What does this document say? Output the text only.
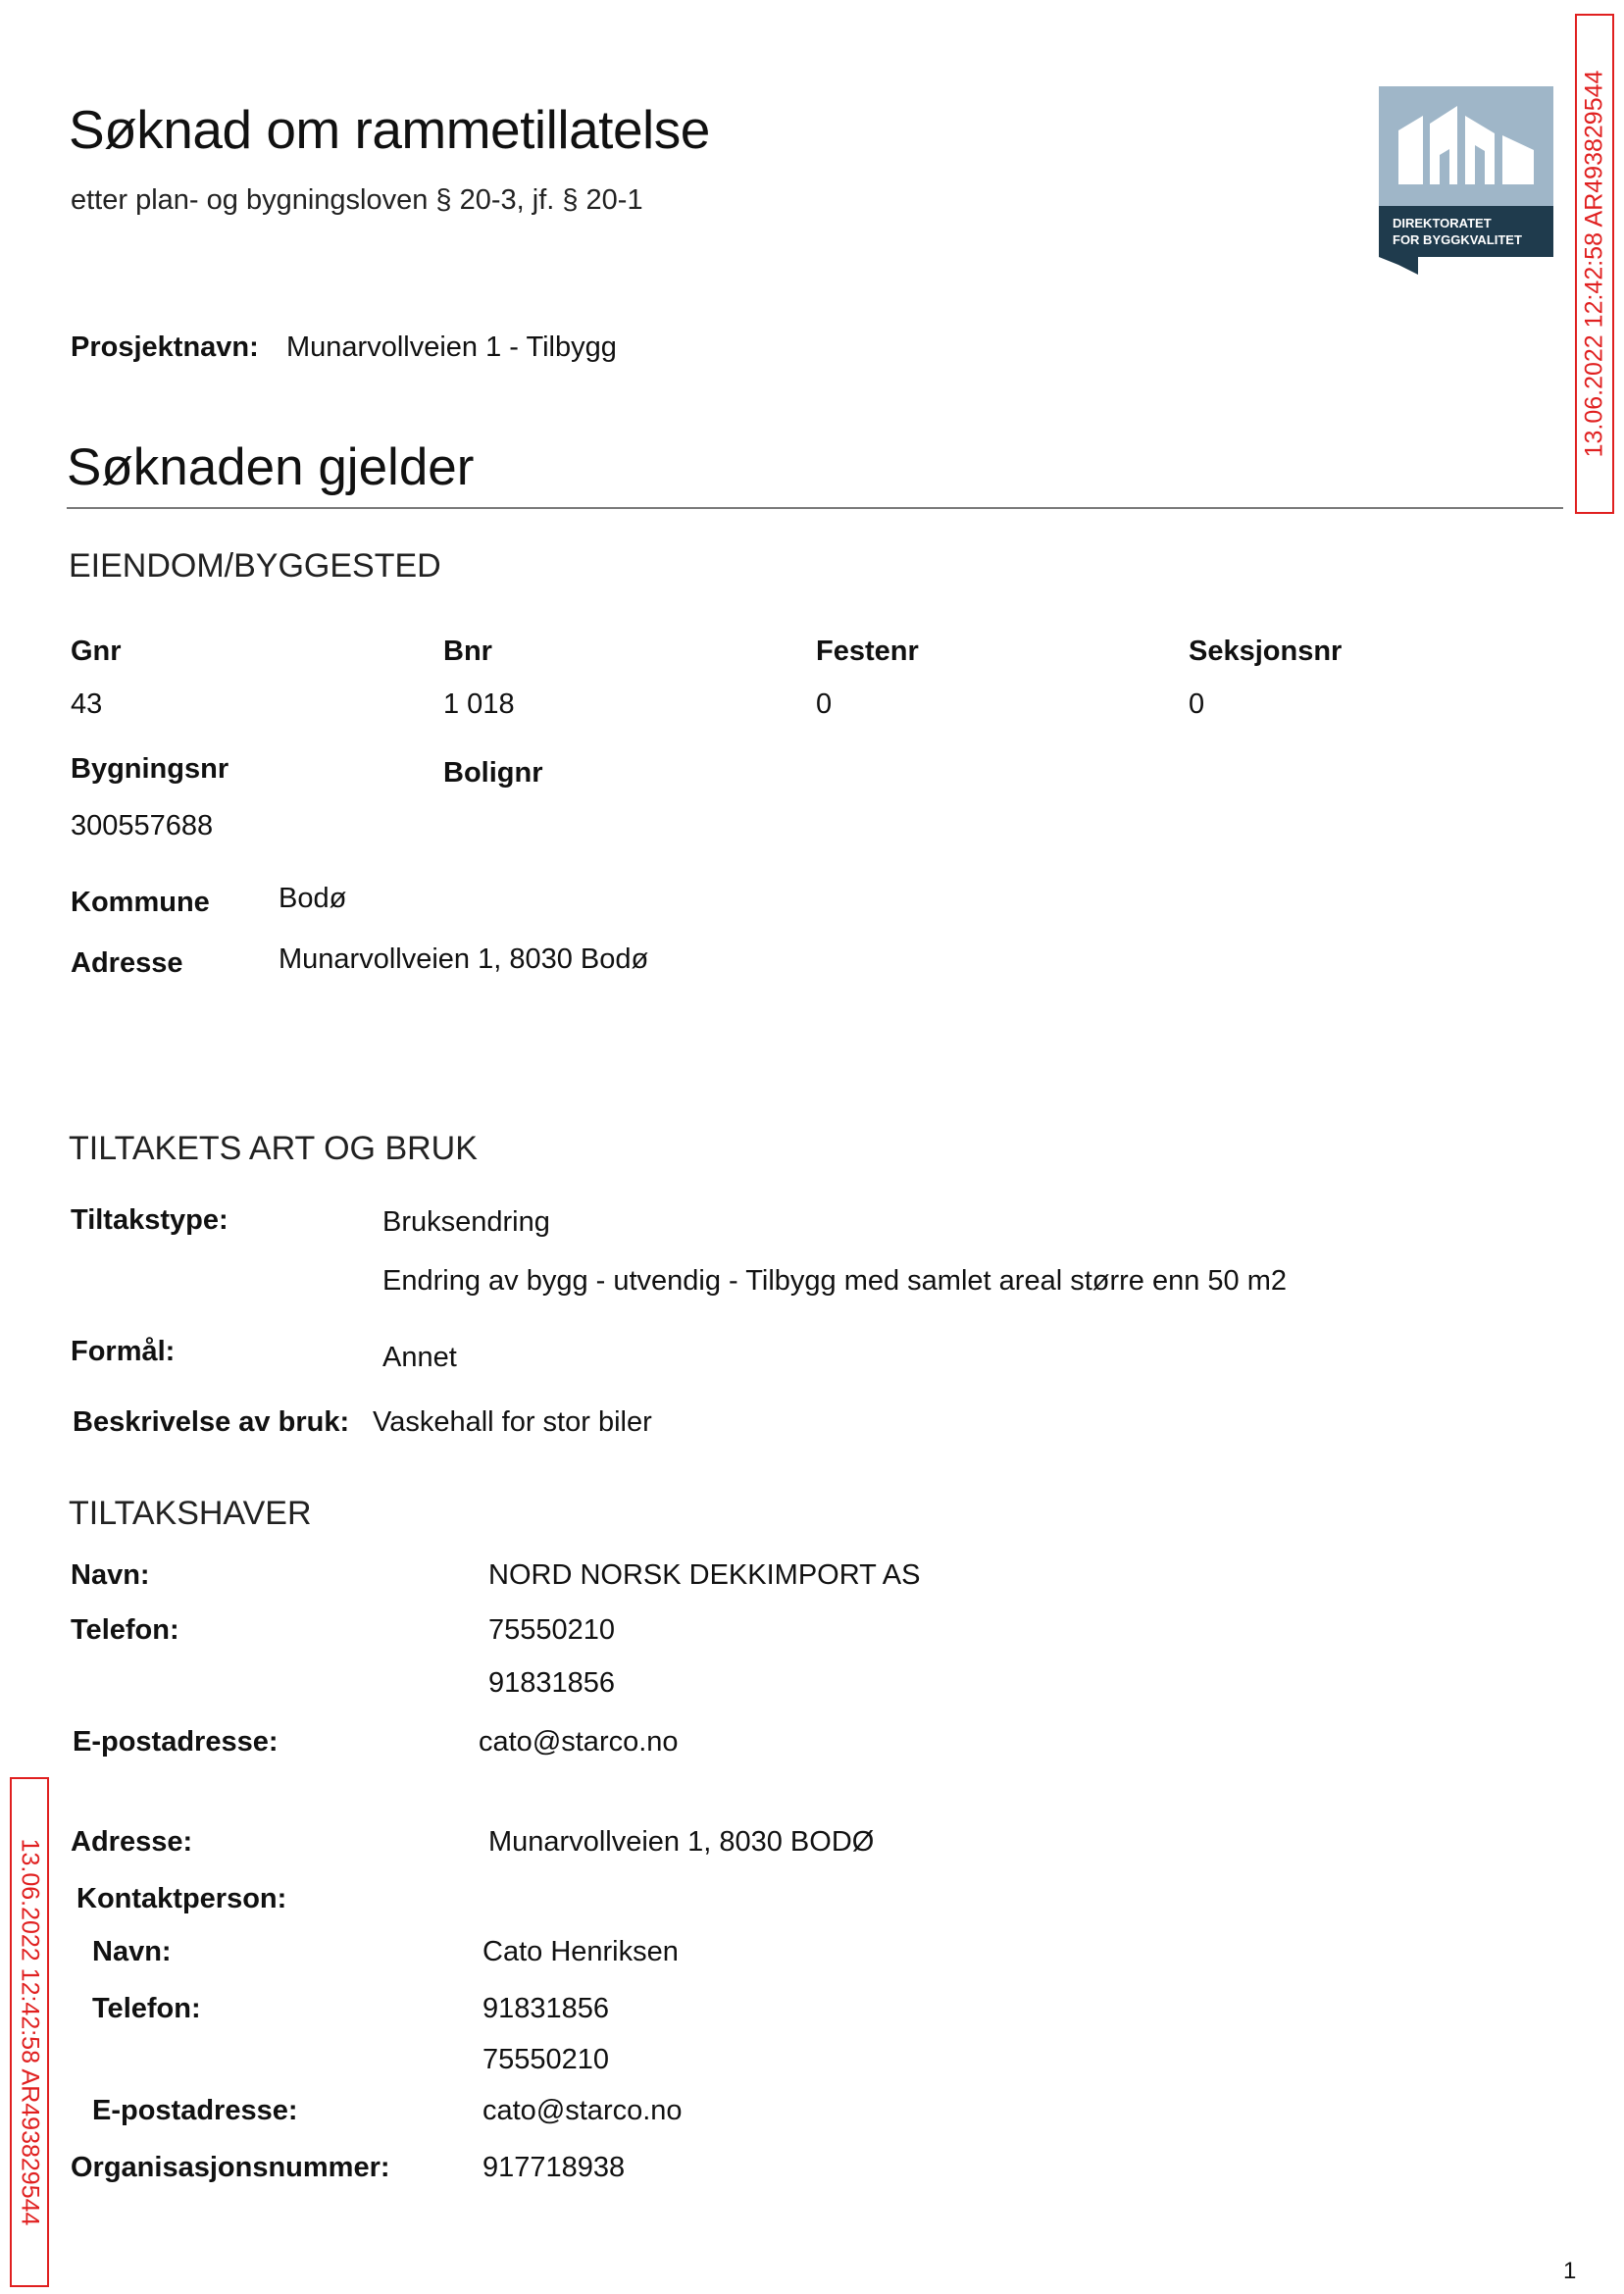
Søknad om rammetillatelse
etter plan- og bygningsloven § 20-3, jf. § 20-1
DIREKTORATET
FOR BYGGKVALITET
Prosjektnavn: Munarvollveien 1 - Tilbygg
Søknaden gjelder
EIENDOM/BYGGESTED
Gnr
43
Bnr
1 018
Festenr
0
Seksjonsnr
0
Bygningsnr
300557688
Bolignr
Kommune Bodø
Adresse	Munarvollveien 1, 8030 Bodø
TILTAKETS ART OG BRUK
Tiltakstype:	Bruksendring
Endring av bygg - utvendig - Tilbygg med samlet areal større enn 50 m2
Formål:	Annet
Beskrivelse av bruk: Vaskehall for stor biler
TILTAKSHAVER
Navn:	NORD NORSK DEKKIMPORT AS
Telefon:	75550210
91831856
E-postadresse:	cato@starco.no
Adresse:	Munarvollveien 1, 8030 BODØ
Kontaktperson:
Navn:	Cato Henriksen
Telefon:	91831856
75550210
E-postadresse:	cato@starco.no
Organisasjonsnummer:	917718938
13.06.2022 12:42:58 AR493829544
13.06.2022 12:42:58 AR493829544
1
